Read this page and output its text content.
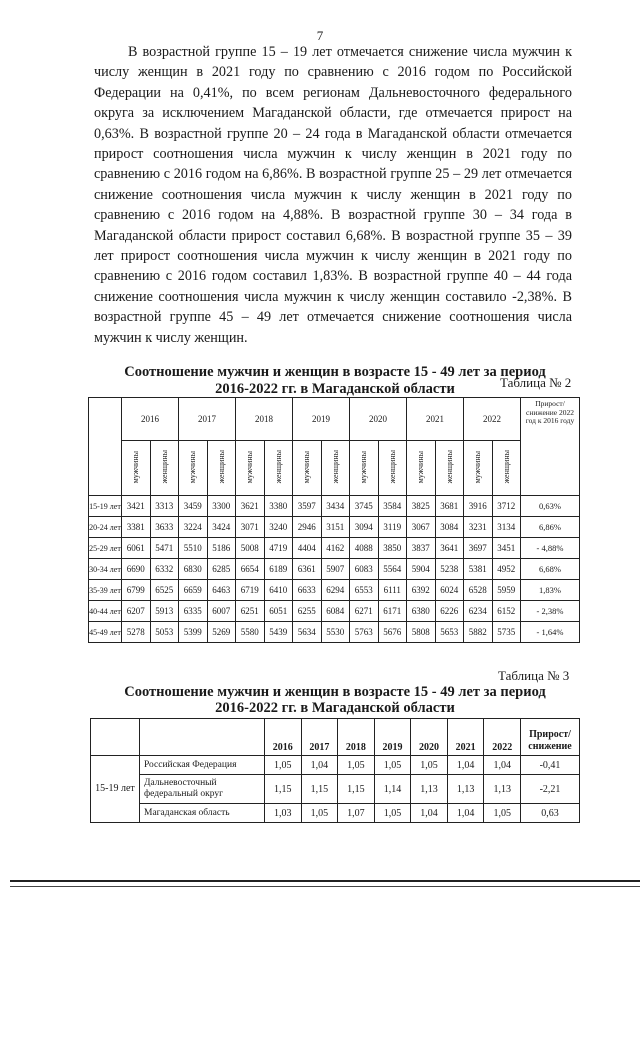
7

В возрастной группе 15 – 19 лет отмечается снижение числа мужчин к числу женщин в 2021 году по сравнению с 2016 годом по Российской Федерации на 0,41%, по всем регионам Дальневосточного федерального округа за исключением Магаданской области, где отмечается прирост на 0,63%. В возрастной группе 20 – 24 года в Магаданской области отмечается прирост соотношения числа мужчин к числу женщин в 2021 году по сравнению с 2016 годом на 6,86%. В возрастной группе 25 – 29 лет отмечается снижение соотношения числа мужчин к числу женщин в 2021 году по сравнению с 2016 годом на 4,88%. В возрастной группе 30 – 34 года в Магаданской области прирост составил 6,68%. В возрастной группе 35 – 39 лет прирост соотношения числа мужчин к числу женщин в 2021 году по сравнению с 2016 годом составил 1,83%. В возрастной группе 40 – 44 года снижение соотношения числа мужчин к числу женщин составило -2,38%. В возрастной группе 45 – 49 лет отмечается снижение соотношения числа мужчин к числу женщин.

Таблица № 2
Соотношение мужчин и женщин в возрасте 15 - 49 лет за период
2016-2022 гг. в Магаданской области
	2016		2017		2018		2019		2020		2021		2022		Прирост/ снижение 2022 год к 2016 году
	мужчины	женщины	мужчины	женщины	мужчины	женщины	мужчины	женщины	мужчины	женщины	мужчины	женщины	мужчины	женщины	
15-19 лет	3421	3313	3459	3300	3621	3380	3597	3434	3745	3584	3825	3681	3916	3712	0,63%
20-24 лет	3381	3633	3224	3424	3071	3240	2946	3151	3094	3119	3067	3084	3231	3134	6,86%
25-29 лет	6061	5471	5510	5186	5008	4719	4404	4162	4088	3850	3837	3641	3697	3451	- 4,88%
30-34 лет	6690	6332	6830	6285	6654	6189	6361	5907	6083	5564	5904	5238	5381	4952	6,68%
35-39 лет	6799	6525	6659	6463	6719	6410	6633	6294	6553	6111	6392	6024	6528	5959	1,83%
40-44 лет	6207	5913	6335	6007	6251	6051	6255	6084	6271	6171	6380	6226	6234	6152	- 2,38%
45-49 лет	5278	5053	5399	5269	5580	5439	5634	5530	5763	5676	5808	5653	5882	5735	- 1,64%
Таблица № 3
Соотношение мужчин и женщин в возрасте 15 - 49 лет за период
2016-2022 гг. в Магаданской области
		2016	2017	2018	2019	2020	2021	2022	Прирост/ снижение
15-19 лет	Российская Федерация	1,05	1,04	1,05	1,05	1,05	1,04	1,04	-0,41
	Дальневосточный федеральный округ	1,15	1,15	1,15	1,14	1,13	1,13	1,13	-2,21
	Магаданская область	1,03	1,05	1,07	1,05	1,04	1,04	1,05	0,63
